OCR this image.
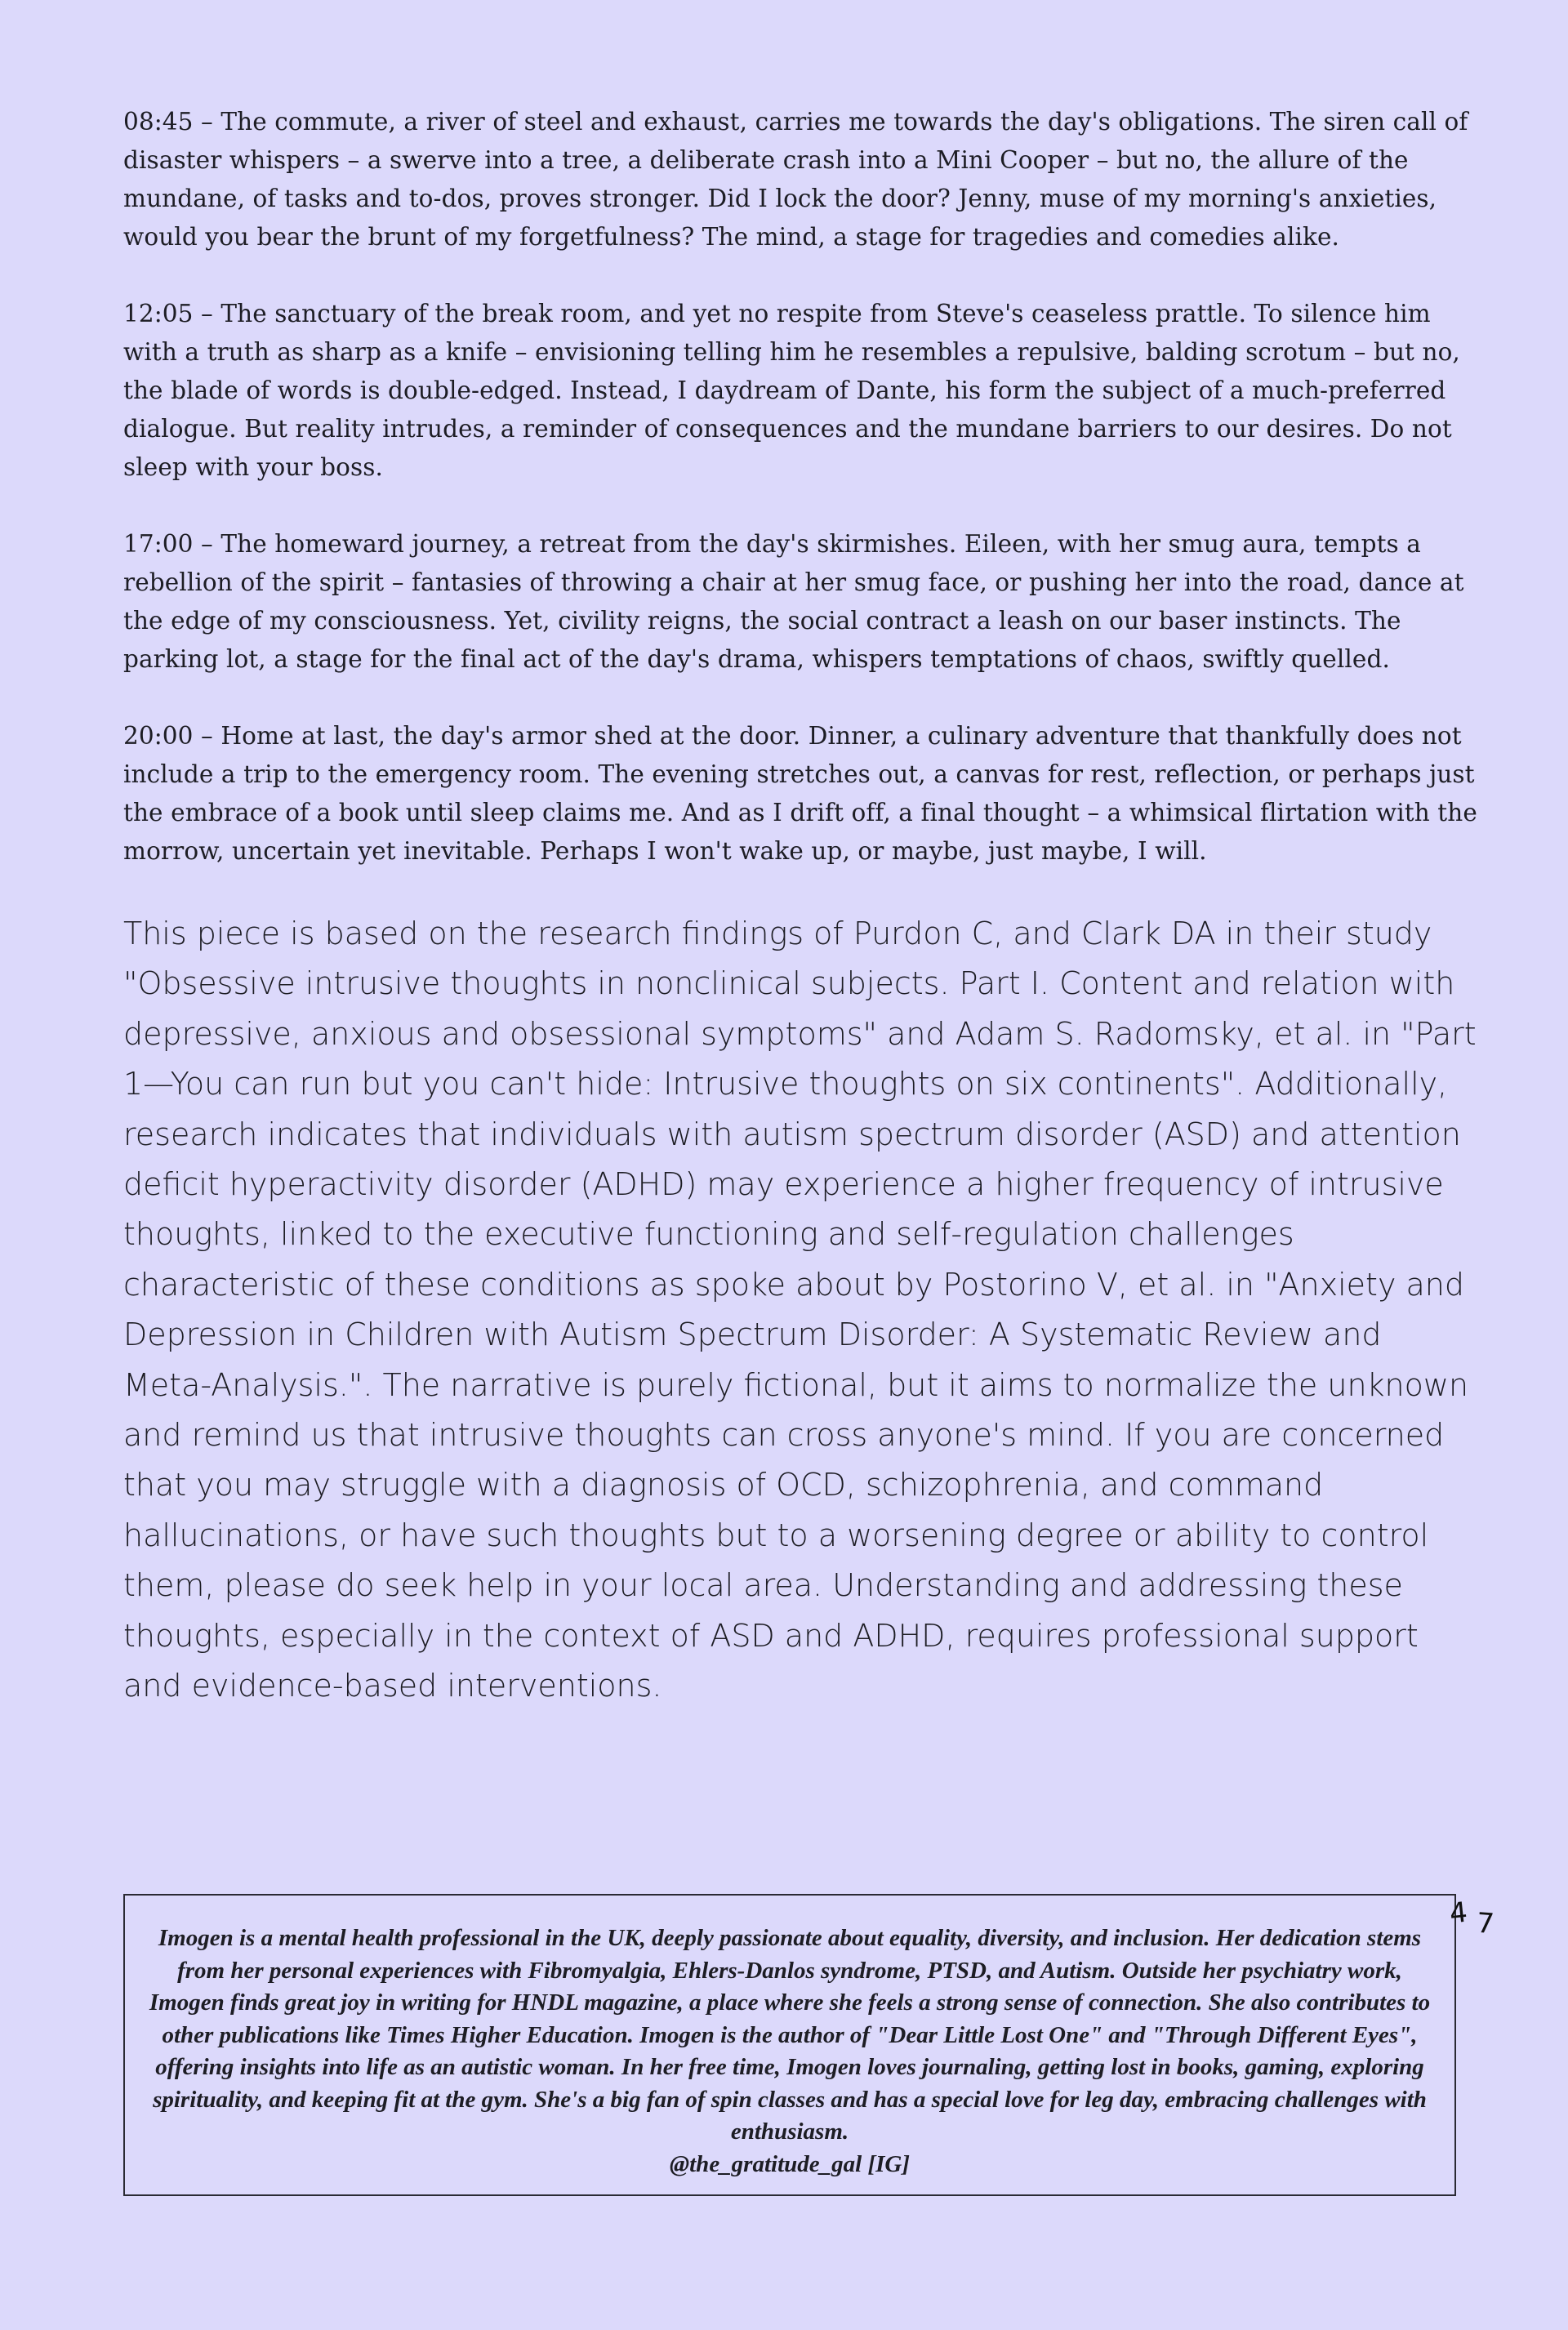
08:45 – The commute, a river of steel and exhaust, carries me towards the day's obligations. The siren call of disaster whispers – a swerve into a tree, a deliberate crash into a Mini Cooper – but no, the allure of the mundane, of tasks and to-dos, proves stronger. Did I lock the door? Jenny, muse of my morning's anxieties, would you bear the brunt of my forgetfulness? The mind, a stage for tragedies and comedies alike.

12:05 – The sanctuary of the break room, and yet no respite from Steve's ceaseless prattle. To silence him with a truth as sharp as a knife – envisioning telling him he resembles a repulsive, balding scrotum – but no, the blade of words is double-edged. Instead, I daydream of Dante, his form the subject of a much-preferred dialogue. But reality intrudes, a reminder of consequences and the mundane barriers to our desires. Do not sleep with your boss.

17:00 – The homeward journey, a retreat from the day's skirmishes. Eileen, with her smug aura, tempts a rebellion of the spirit – fantasies of throwing a chair at her smug face, or pushing her into the road, dance at the edge of my consciousness. Yet, civility reigns, the social contract a leash on our baser instincts. The parking lot, a stage for the final act of the day's drama, whispers temptations of chaos, swiftly quelled.

20:00 – Home at last, the day's armor shed at the door. Dinner, a culinary adventure that thankfully does not include a trip to the emergency room. The evening stretches out, a canvas for rest, reflection, or perhaps just the embrace of a book until sleep claims me. And as I drift off, a final thought – a whimsical flirtation with the morrow, uncertain yet inevitable. Perhaps I won't wake up, or maybe, just maybe, I will.

This piece is based on the research findings of Purdon C, and Clark DA in their study "Obsessive intrusive thoughts in nonclinical subjects. Part I. Content and relation with depressive, anxious and obsessional symptoms" and Adam S. Radomsky, et al. in "Part 1—You can run but you can't hide: Intrusive thoughts on six continents". Additionally, research indicates that individuals with autism spectrum disorder (ASD) and attention deficit hyperactivity disorder (ADHD) may experience a higher frequency of intrusive thoughts, linked to the executive functioning and self-regulation challenges characteristic of these conditions as spoke about by Postorino V, et al. in "Anxiety and Depression in Children with Autism Spectrum Disorder: A Systematic Review and Meta-Analysis.". The narrative is purely fictional, but it aims to normalize the unknown and remind us that intrusive thoughts can cross anyone's mind. If you are concerned that you may struggle with a diagnosis of OCD, schizophrenia, and command hallucinations, or have such thoughts but to a worsening degree or ability to control them, please do seek help in your local area. Understanding and addressing these thoughts, especially in the context of ASD and ADHD, requires professional support and evidence-based interventions.

Imogen is a mental health professional in the UK, deeply passionate about equality, diversity, and inclusion. Her dedication stems from her personal experiences with Fibromyalgia, Ehlers-Danlos syndrome, PTSD, and Autism. Outside her psychiatry work, Imogen finds great joy in writing for HNDL magazine, a place where she feels a strong sense of connection. She also contributes to other publications like Times Higher Education. Imogen is the author of "Dear Little Lost One" and "Through Different Eyes", offering insights into life as an autistic woman. In her free time, Imogen loves journaling, getting lost in books, gaming, exploring spirituality, and keeping fit at the gym. She's a big fan of spin classes and has a special love for leg day, embracing challenges with enthusiasm.
@the_gratitude_gal [IG]

47
